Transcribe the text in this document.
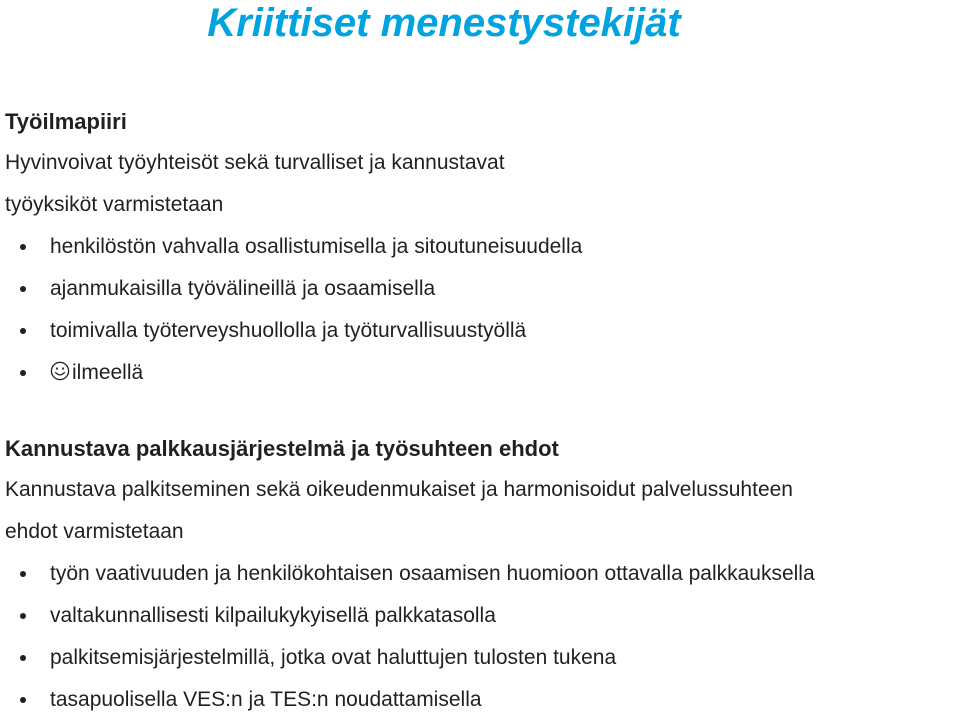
Kriittiset menestystekijät
Työilmapiiri
Hyvinvoivat työyhteisöt sekä turvalliset ja kannustavat
työyksiköt varmistetaan
henkilöstön vahvalla osallistumisella ja sitoutuneisuudella
ajanmukaisilla työvälineillä ja osaamisella
toimivalla työterveyshuollolla ja työturvallisuustyöllä
ilmeellä
Kannustava palkkausjärjestelmä ja työsuhteen ehdot
Kannustava palkitseminen sekä oikeudenmukaiset ja harmonisoidut palvelussuhteen
ehdot varmistetaan
työn vaativuuden ja henkilökohtaisen osaamisen huomioon ottavalla palkkauksella
valtakunnallisesti kilpailukykyisellä palkkatasolla
palkitsemisjärjestelmillä, jotka ovat haluttujen tulosten tukena
tasapuolisella VES:n ja TES:n noudattamisella
